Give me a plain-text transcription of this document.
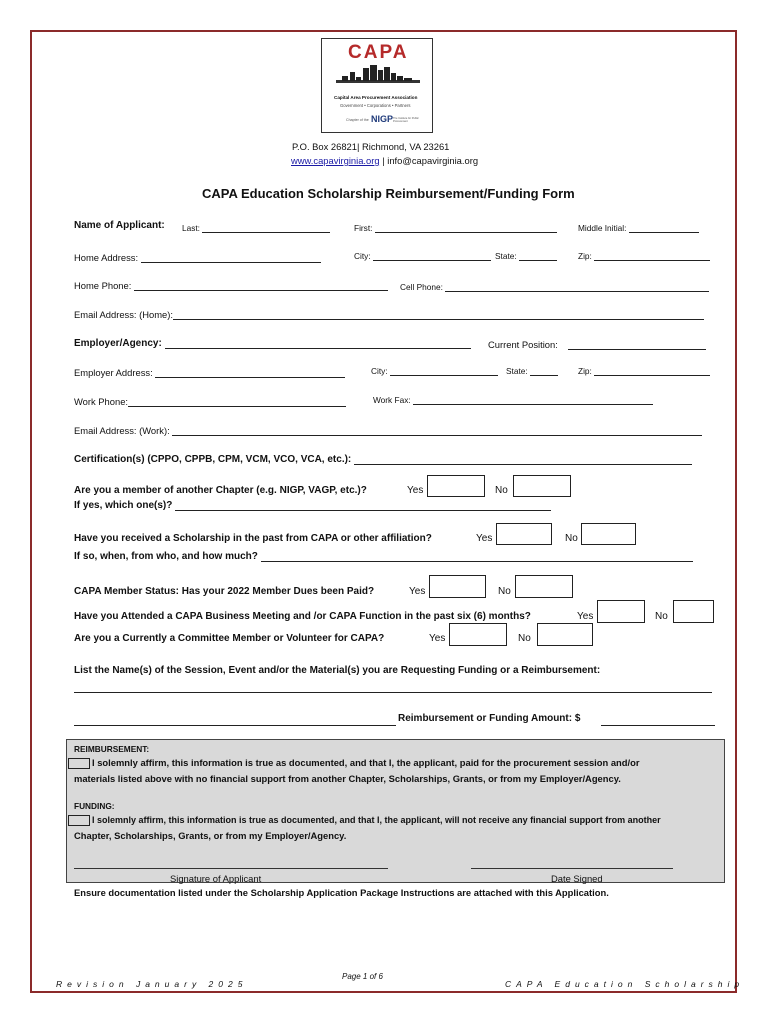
CAPA
Capital Area Procurement Association
Government • Corporations • Partners
Chapter of the NIGP The Institute for Public Procurement
P.O. Box 26821| Richmond, VA 23261
www.capavirginia.org | info@capavirginia.org
CAPA Education Scholarship Reimbursement/Funding Form
Name of Applicant: Last:	First:	Middle Initial:
Home Address:	City:	State:	Zip:
Home Phone:	Cell Phone:
Email Address: (Home):
Employer/Agency:	Current Position:
Employer Address:	City:	State:	Zip:
Work Phone:	Work Fax:
Email Address: (Work):
Certification(s) (CPPO, CPPB, CPM, VCM, VCO, VCA, etc.):
Are you a member of another Chapter (e.g. NIGP, VAGP, etc.)?	Yes	No
If yes, which one(s)?
Have you received a Scholarship in the past from CAPA or other affiliation?	Yes	No
If so, when, from who, and how much?
CAPA Member Status: Has your 2022 Member Dues been Paid?	Yes	No
Have you Attended a CAPA Business Meeting and /or CAPA Function in the past six (6) months?	Yes	No
Are you a Currently a Committee Member or Volunteer for CAPA?	Yes	No
List the Name(s) of the Session, Event and/or the Material(s) you are Requesting Funding or a Reimbursement:
Reimbursement or Funding Amount: $
REIMBURSEMENT:
I solemnly affirm, this information is true as documented, and that I, the applicant, paid for the procurement session and/or
materials listed above with no financial support from another Chapter, Scholarships, Grants, or from my Employer/Agency.
FUNDING:
I solemnly affirm, this information is true as documented, and that I, the applicant, will not receive any financial support from another
Chapter, Scholarships, Grants, or from my Employer/Agency.
Signature of Applicant	Date Signed
Ensure documentation listed under the Scholarship Application Package Instructions are attached with this Application.
Revision January 2025
Page 1 of 6
CAPA Education Scholarship
